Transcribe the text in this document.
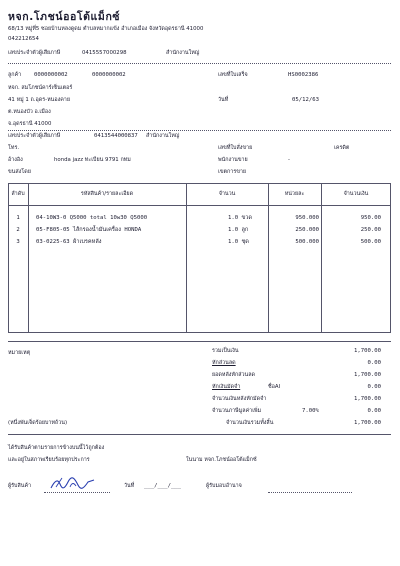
หจก.โภชน์ออโต้แม็กซ์
68/13 หมู่ที่5 ซอยบ้านหลงดูดม ตำบลหมากแข้ง อำเภอเมือง จังหวัดอุดรธานี 41000
042212654
เลขประจำตัวผู้เสียภาษี	0415557000298	สำนักงานใหญ่
ลูกค้า 0000000002	0000000002
หจก. สมโภชน์คาร์เซ็นเตอร์
41 หมู่ 1 ถ.อุดร-หนองคาย
ต.หนองบัว อ.เมือง
จ.อุดรธานี 41000
เลขที่ใบเสร็จ	HS0002386
วันที่	05/12/63
เลขประจำตัวผู้เสียภาษี	0413544000837 สำนักงานใหญ่
โทร.	เลขที่ใบสั่งขาย	เครดิต
อ้างอิง	honda jazz ทะเบียน 9791 กทม	พนักงานขาย	-
ขนส่งโดย	เขตการขาย
ลำดับ	รหัสสินค้า/รายละเอียด	จำนวน	หน่วยละ	จำนวนเงิน
1	04-10W3-0 Q5000 total 10w30 Q5000	1.0 ขวด	950.000	950.00
2	05-F805-05 ไส้กรองน้ำมันเครื่อง HONDA	1.0 ลูก	250.000	250.00
3	03-0225-63 ผ้าเบรคหลัง	1.0 ชุด	500.000	500.00
หมายเหตุ	รวมเป็นเงิน	1,700.00
หักส่วนลด	0.00
ยอดหลังหักส่วนลด	1,700.00
หักเงินมัดจำ	ชื่อAI	0.00
จำนวนเงินหลังหักมัดจำ	1,700.00
จำนวนภาษีมูลค่าเพิ่ม	7.00%	0.00
(หนึ่งพันเจ็ดร้อยบาทถ้วน)	จำนวนเงินรวมทั้งสิ้น	1,700.00
ได้รับสินค้าตามรายการข้างบนนี้ไว้ถูกต้อง
และอยู่ในสภาพเรียบร้อยทุกประการ	ในนาม หจก.โภชน์ออโต้แม็กซ์
ผู้รับสินค้า	วันที่ ___/___/___	ผู้รับมอบอำนาจ
